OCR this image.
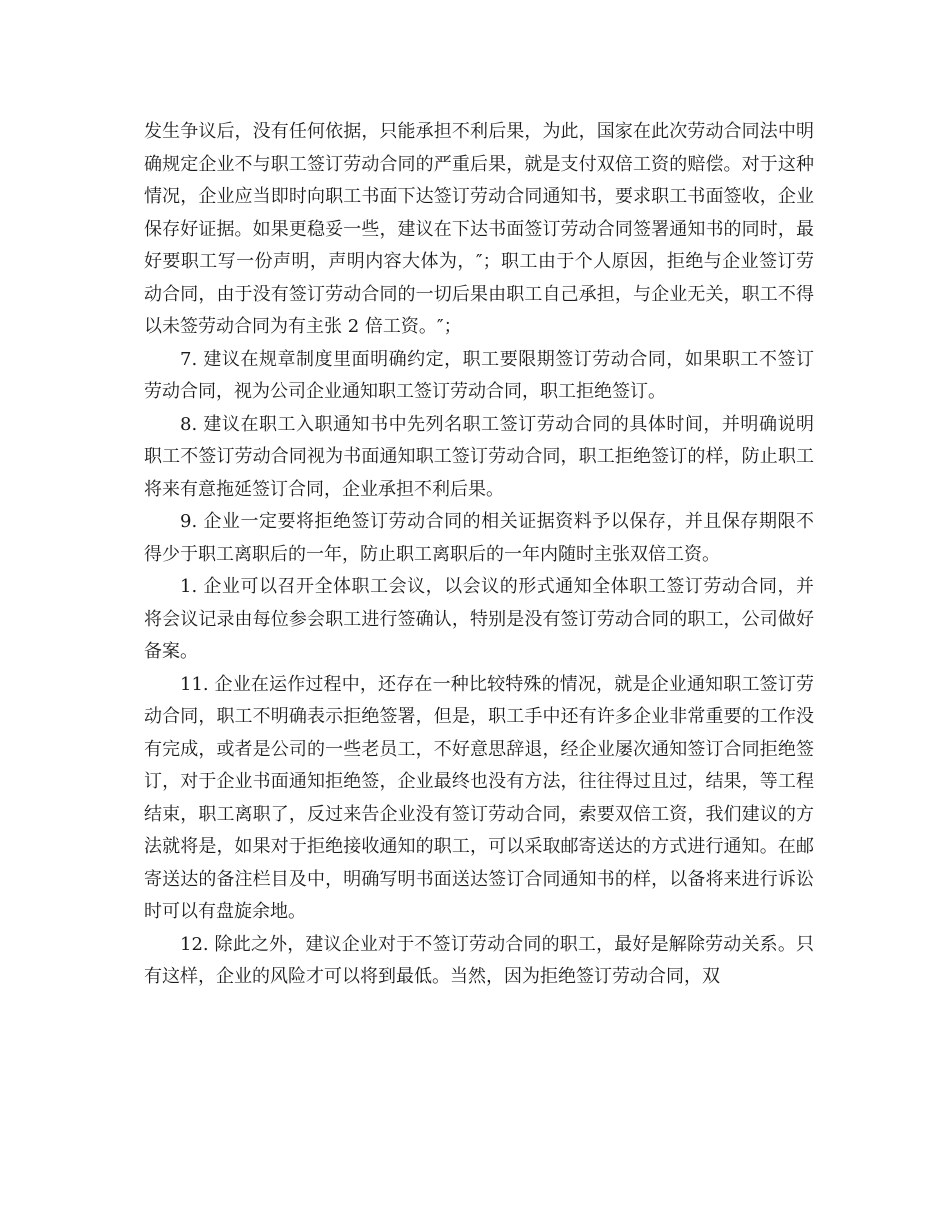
发生争议后，没有任何依据，只能承担不利后果，为此，国家在此次劳动合同法中明确规定企业不与职工签订劳动合同的严重后果，就是支付双倍工资的赔偿。对于这种情况，企业应当即时向职工书面下达签订劳动合同通知书，要求职工书面签收，企业保存好证据。如果更稳妥一些，建议在下达书面签订劳动合同签署通知书的同时，最好要职工写一份声明，声明内容大体为，″；职工由于个人原因，拒绝与企业签订劳动合同，由于没有签订劳动合同的一切后果由职工自己承担，与企业无关，职工不得以未签劳动合同为有主张 2 倍工资。″；

7. 建议在规章制度里面明确约定，职工要限期签订劳动合同，如果职工不签订劳动合同，视为公司企业通知职工签订劳动合同，职工拒绝签订。

8. 建议在职工入职通知书中先列名职工签订劳动合同的具体时间，并明确说明职工不签订劳动合同视为书面通知职工签订劳动合同，职工拒绝签订的样，防止职工将来有意拖延签订合同，企业承担不利后果。

9. 企业一定要将拒绝签订劳动合同的相关证据资料予以保存，并且保存期限不得少于职工离职后的一年，防止职工离职后的一年内随时主张双倍工资。

1. 企业可以召开全体职工会议，以会议的形式通知全体职工签订劳动合同，并将会议记录由每位参会职工进行签确认，特别是没有签订劳动合同的职工，公司做好备案。

11. 企业在运作过程中，还存在一种比较特殊的情况，就是企业通知职工签订劳动合同，职工不明确表示拒绝签署，但是，职工手中还有许多企业非常重要的工作没有完成，或者是公司的一些老员工，不好意思辞退，经企业屡次通知签订合同拒绝签订，对于企业书面通知拒绝签，企业最终也没有方法，往往得过且过，结果，等工程结束，职工离职了，反过来告企业没有签订劳动合同，索要双倍工资，我们建议的方法就将是，如果对于拒绝接收通知的职工，可以采取邮寄送达的方式进行通知。在邮寄送达的备注栏目及中，明确写明书面送达签订合同通知书的样，以备将来进行诉讼时可以有盘旋余地。

12. 除此之外，建议企业对于不签订劳动合同的职工，最好是解除劳动关系。只有这样，企业的风险才可以将到最低。当然，因为拒绝签订劳动合同，双
